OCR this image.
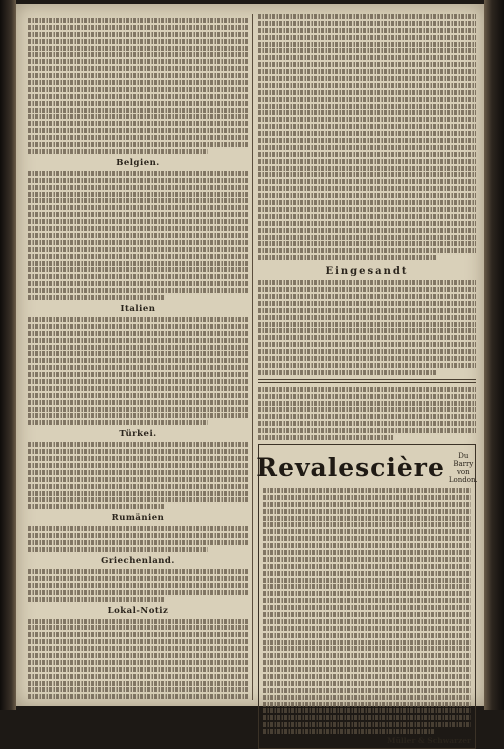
Belgien.
Italien
Türkei.
Rumänien
Griechenland.
Lokal-Notiz
Eingesandt
Revalescière	Du Barry von London.
Müller & Schwarzer
